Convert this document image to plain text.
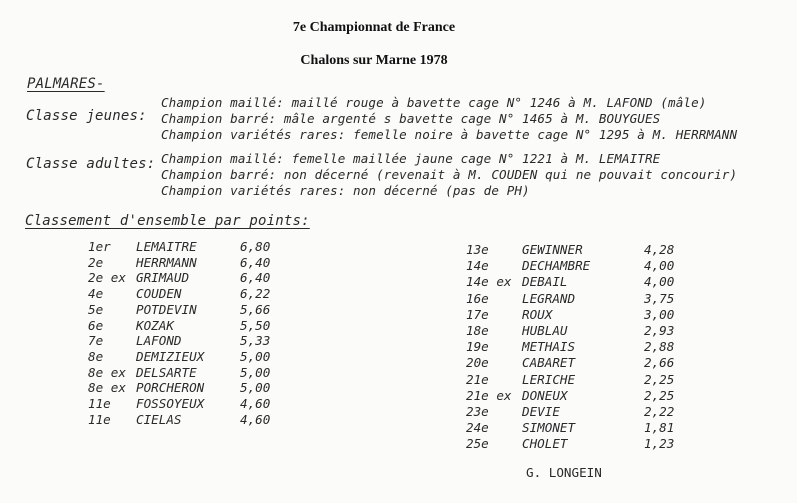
7e Championnat de France
Chalons sur Marne 1978
PALMARES-
Classe jeunes:
Champion maillé: maillé rouge à bavette cage N° 1246 à M. LAFOND (mâle)
Champion barré: mâle argenté s bavette cage N° 1465 à M. BOUYGUES
Champion variétés rares: femelle noire à bavette cage N° 1295 à M. HERRMANN
Classe adultes: Champion maillé: femelle maillée jaune cage N° 1221 à M. LEMAITRE
Champion barré: non décerné (revenait à M. COUDEN qui ne pouvait concourir)
Champion variétés rares: non décerné (pas de PH)
Classement d'ensemble par points:
1er LEMAITRE	6,80
2e	HERRMANN	6,40
2e ex GRIMAUD	6,40
4e	COUDEN	6,22
5e	POTDEVIN	5,66
6e	KOZAK	5,50
7e	LAFOND	5,33
8e	DEMIZIEUX	5,00
8e ex DELSARTE	5,00
8e ex PORCHERON	5,00
11e FOSSOYEUX	4,60
11e CIELAS	4,60
13e	GEWINNER	4,28
14e	DECHAMBRE	4,00
14e ex DEBAIL	4,00
16e	LEGRAND	3,75
17e	ROUX	3,00
18e	HUBLAU	2,93
19e	METHAIS	2,88
20e	CABARET	2,66
21e	LERICHE	2,25
21e ex DONEUX	2,25
23e	DEVIE	2,22
24e	SIMONET	1,81
25e	CHOLET	1,23
G. LONGEIN
